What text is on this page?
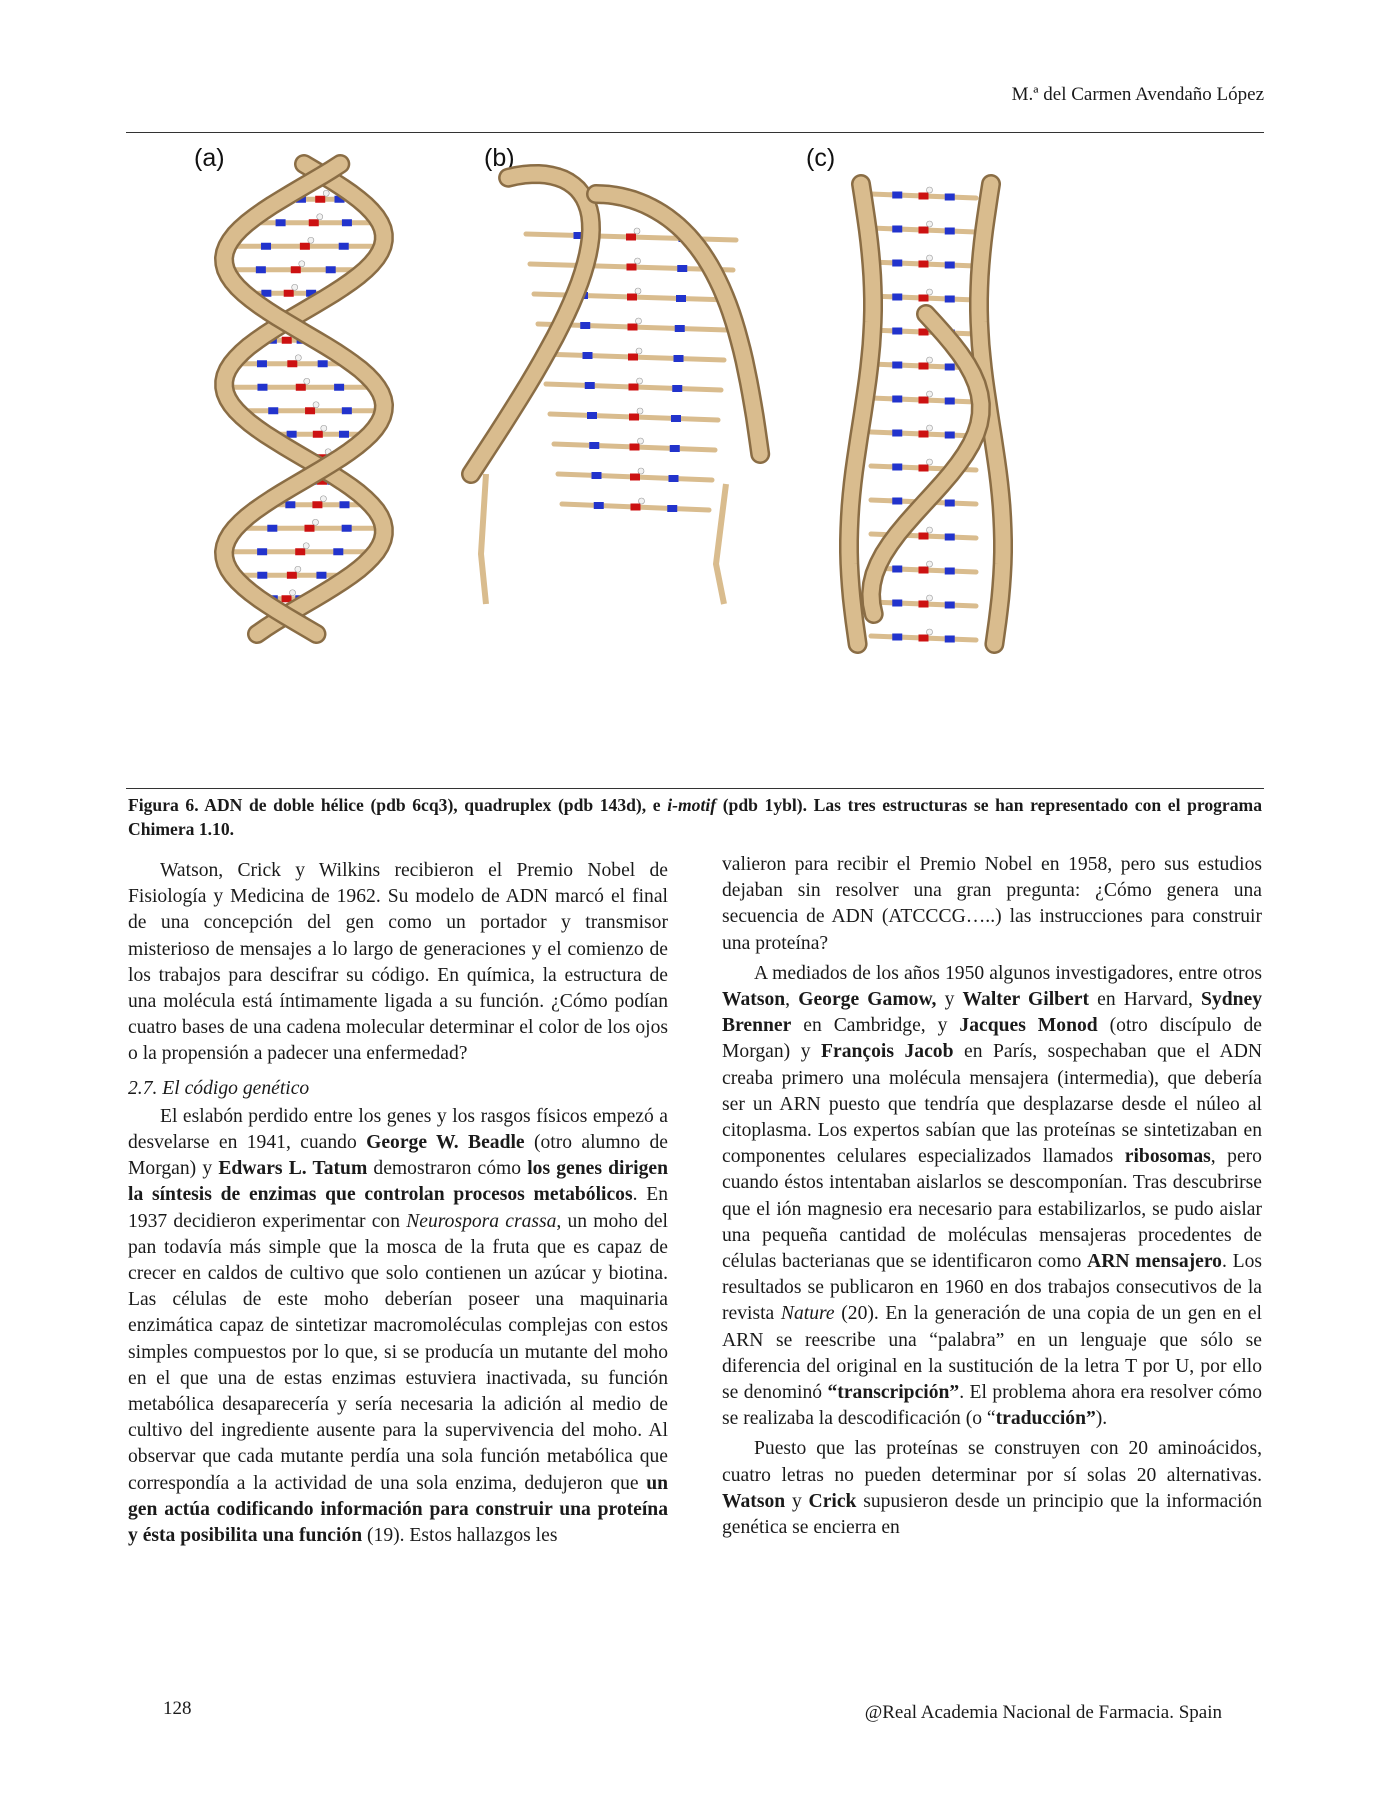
M.ª del Carmen Avendaño López
(a)	(b)	(c)
Figura 6. ADN de doble hélice (pdb 6cq3), quadruplex (pdb 143d), e i-motif (pdb 1ybl). Las tres estructuras se han representado con el programa Chimera 1.10.

Watson, Crick y Wilkins recibieron el Premio Nobel de Fisiología y Medicina de 1962. Su modelo de ADN marcó el final de una concepción del gen como un portador y transmisor misterioso de mensajes a lo largo de generaciones y el comienzo de los trabajos para descifrar su código. En química, la estructura de una molécula está íntimamente ligada a su función. ¿Cómo podían cuatro bases de una cadena molecular determinar el color de los ojos o la propensión a padecer una enfermedad?

2.7. El código genético

El eslabón perdido entre los genes y los rasgos físicos empezó a desvelarse en 1941, cuando George W. Beadle (otro alumno de Morgan) y Edwars L. Tatum demostraron cómo los genes dirigen la síntesis de enzimas que controlan procesos metabólicos. En 1937 decidieron experimentar con Neurospora crassa, un moho del pan todavía más simple que la mosca de la fruta que es capaz de crecer en caldos de cultivo que solo contienen un azúcar y biotina. Las células de este moho deberían poseer una maquinaria enzimática capaz de sintetizar macromoléculas complejas con estos simples compuestos por lo que, si se producía un mutante del moho en el que una de estas enzimas estuviera inactivada, su función metabólica desaparecería y sería necesaria la adición al medio de cultivo del ingrediente ausente para la supervivencia del moho. Al observar que cada mutante perdía una sola función metabólica que correspondía a la actividad de una sola enzima, dedujeron que un gen actúa codificando información para construir una proteína y ésta posibilita una función (19). Estos hallazgos les

valieron para recibir el Premio Nobel en 1958, pero sus estudios dejaban sin resolver una gran pregunta: ¿Cómo genera una secuencia de ADN (ATCCCG…..) las instrucciones para construir una proteína?

A mediados de los años 1950 algunos investigadores, entre otros Watson, George Gamow, y Walter Gilbert en Harvard, Sydney Brenner en Cambridge, y Jacques Monod (otro discípulo de Morgan) y François Jacob en París, sospechaban que el ADN creaba primero una molécula mensajera (intermedia), que debería ser un ARN puesto que tendría que desplazarse desde el núleo al citoplasma. Los expertos sabían que las proteínas se sintetizaban en componentes celulares especializados llamados ribosomas, pero cuando éstos intentaban aislarlos se descomponían. Tras descubrirse que el ión magnesio era necesario para estabilizarlos, se pudo aislar una pequeña cantidad de moléculas mensajeras procedentes de células bacterianas que se identificaron como ARN mensajero. Los resultados se publicaron en 1960 en dos trabajos consecutivos de la revista Nature (20). En la generación de una copia de un gen en el ARN se reescribe una “palabra” en un lenguaje que sólo se diferencia del original en la sustitución de la letra T por U, por ello se denominó “transcripción”. El problema ahora era resolver cómo se realizaba la descodificación (o “traducción”).

Puesto que las proteínas se construyen con 20 aminoácidos, cuatro letras no pueden determinar por sí solas 20 alternativas. Watson y Crick supusieron desde un principio que la información genética se encierra en

128	@Real Academia Nacional de Farmacia. Spain
